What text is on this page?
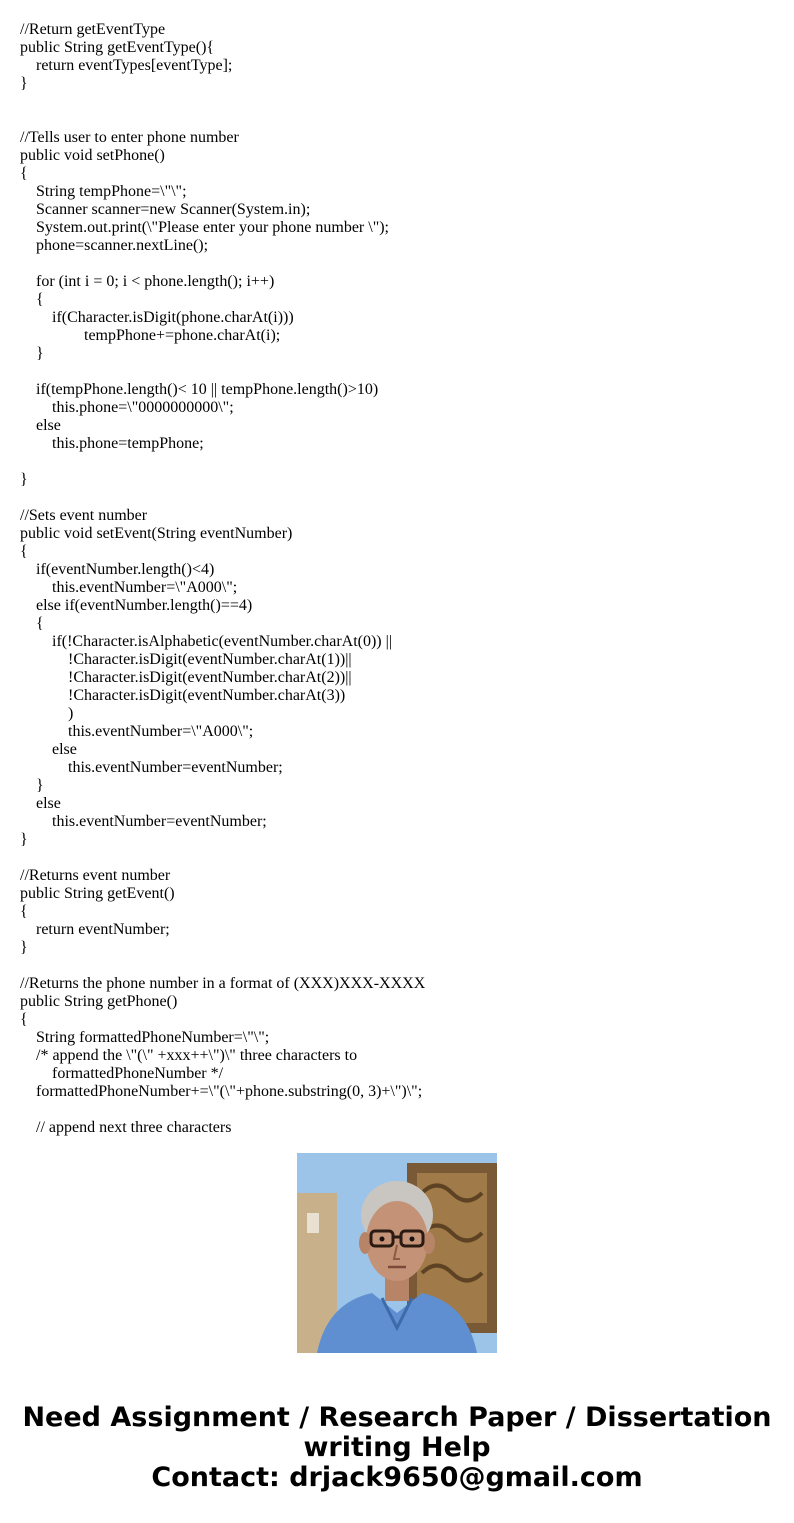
//Return getEventType
public String getEventType(){
return eventTypes[eventType];
}
//Tells user to enter phone number
public void setPhone()
{
String tempPhone=\"\";
Scanner scanner=new Scanner(System.in);
System.out.print(\"Please enter your phone number \");
phone=scanner.nextLine();
for (int i = 0; i < phone.length(); i++)
{
if(Character.isDigit(phone.charAt(i)))
tempPhone+=phone.charAt(i);
}
if(tempPhone.length()< 10 || tempPhone.length()>10)
this.phone=\"0000000000\";
else
this.phone=tempPhone;
}
//Sets event number
public void setEvent(String eventNumber)
{
if(eventNumber.length()<4)
this.eventNumber=\"A000\";
else if(eventNumber.length()==4)
{
if(!Character.isAlphabetic(eventNumber.charAt(0)) ||
!Character.isDigit(eventNumber.charAt(1))||
!Character.isDigit(eventNumber.charAt(2))||
!Character.isDigit(eventNumber.charAt(3))
)
this.eventNumber=\"A000\";
else
this.eventNumber=eventNumber;
}
else
this.eventNumber=eventNumber;
}
//Returns event number
public String getEvent()
{
return eventNumber;
}
//Returns the phone number in a format of (XXX)XXX-XXXX
public String getPhone()
{
String formattedPhoneNumber=\"\";
/* append the \"(\" +xxx++\")\" three characters to
formattedPhoneNumber */
formattedPhoneNumber+=\"(\"+phone.substring(0, 3)+\")\";
// append next three characters
Need Assignment / Research Paper / Dissertation
writing Help
Contact: drjack9650@gmail.com
